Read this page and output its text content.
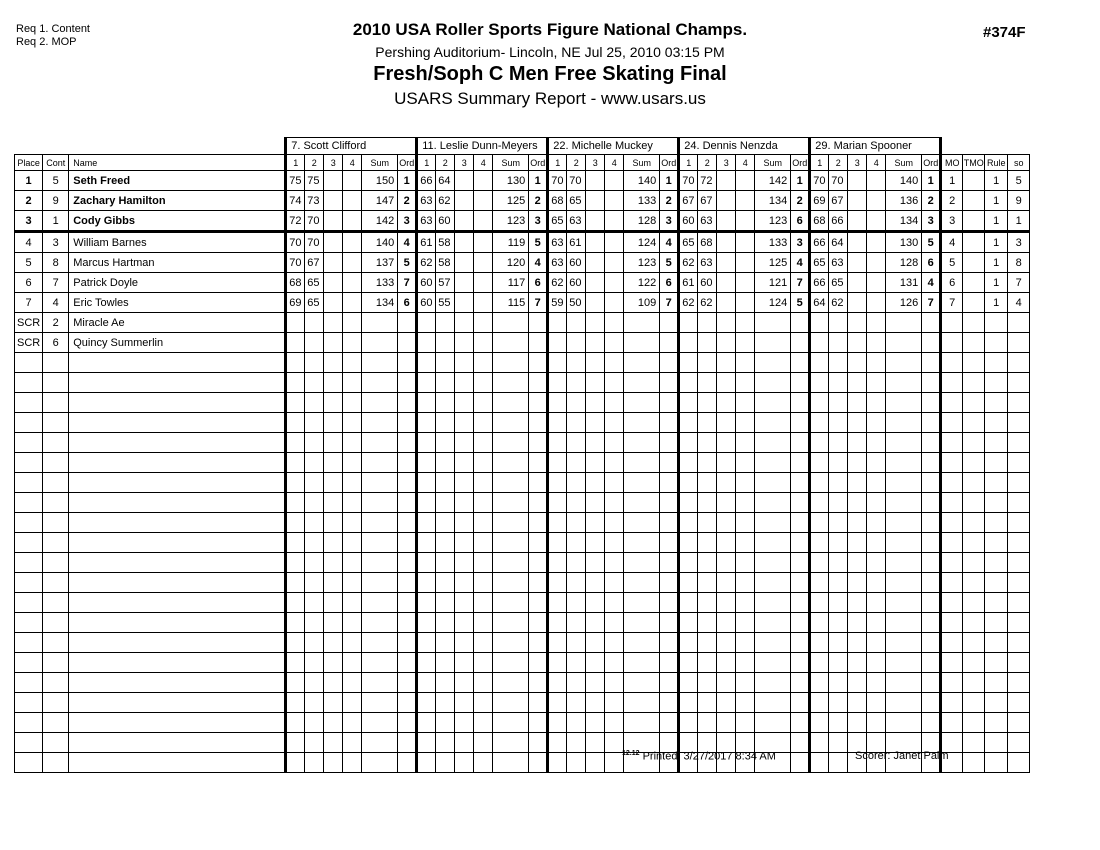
Req 1. Content
Req 2. MOP
2010 USA Roller Sports Figure National Champs.
Pershing Auditorium- Lincoln, NE Jul 25, 2010 03:15 PM
Fresh/Soph C Men Free Skating Final
USARS Summary Report - www.usars.us
#374F
			7. Scott Clifford						11. Leslie Dunn-Meyers						22. Michelle Muckey						24. Dennis Nenzda						29. Marian Spooner									
Place	Cont	Name	1	2	3	4	Sum	Ord	1	2	3	4	Sum	Ord	1	2	3	4	Sum	Ord	1	2	3	4	Sum	Ord	1	2	3	4	Sum	Ord	MO	TMO	Rule	so
1	5	Seth Freed	75	75			150	1	66	64			130	1	70	70			140	1	70	72			142	1	70	70			140	1	1		1	5
2	9	Zachary Hamilton	74	73			147	2	63	62			125	2	68	65			133	2	67	67			134	2	69	67			136	2	2		1	9
3	1	Cody Gibbs	72	70			142	3	63	60			123	3	65	63			128	3	60	63			123	6	68	66			134	3	3		1	1
4	3	William Barnes	70	70			140	4	61	58			119	5	63	61			124	4	65	68			133	3	66	64			130	5	4		1	3
5	8	Marcus Hartman	70	67			137	5	62	58			120	4	63	60			123	5	62	63			125	4	65	63			128	6	5		1	8
6	7	Patrick Doyle	68	65			133	7	60	57			117	6	62	60			122	6	61	60			121	7	66	65			131	4	6		1	7
7	4	Eric Towles	69	65			134	6	60	55			115	7	59	50			109	7	62	62			124	5	64	62			126	7	7		1	4
SCR	2	Miracle Ae																																		
SCR	6	Quincy Summerlin																																		

$^{12.12}$ Printed: 3/27/2017 8:34 AM	Scorer: Janet Palm
